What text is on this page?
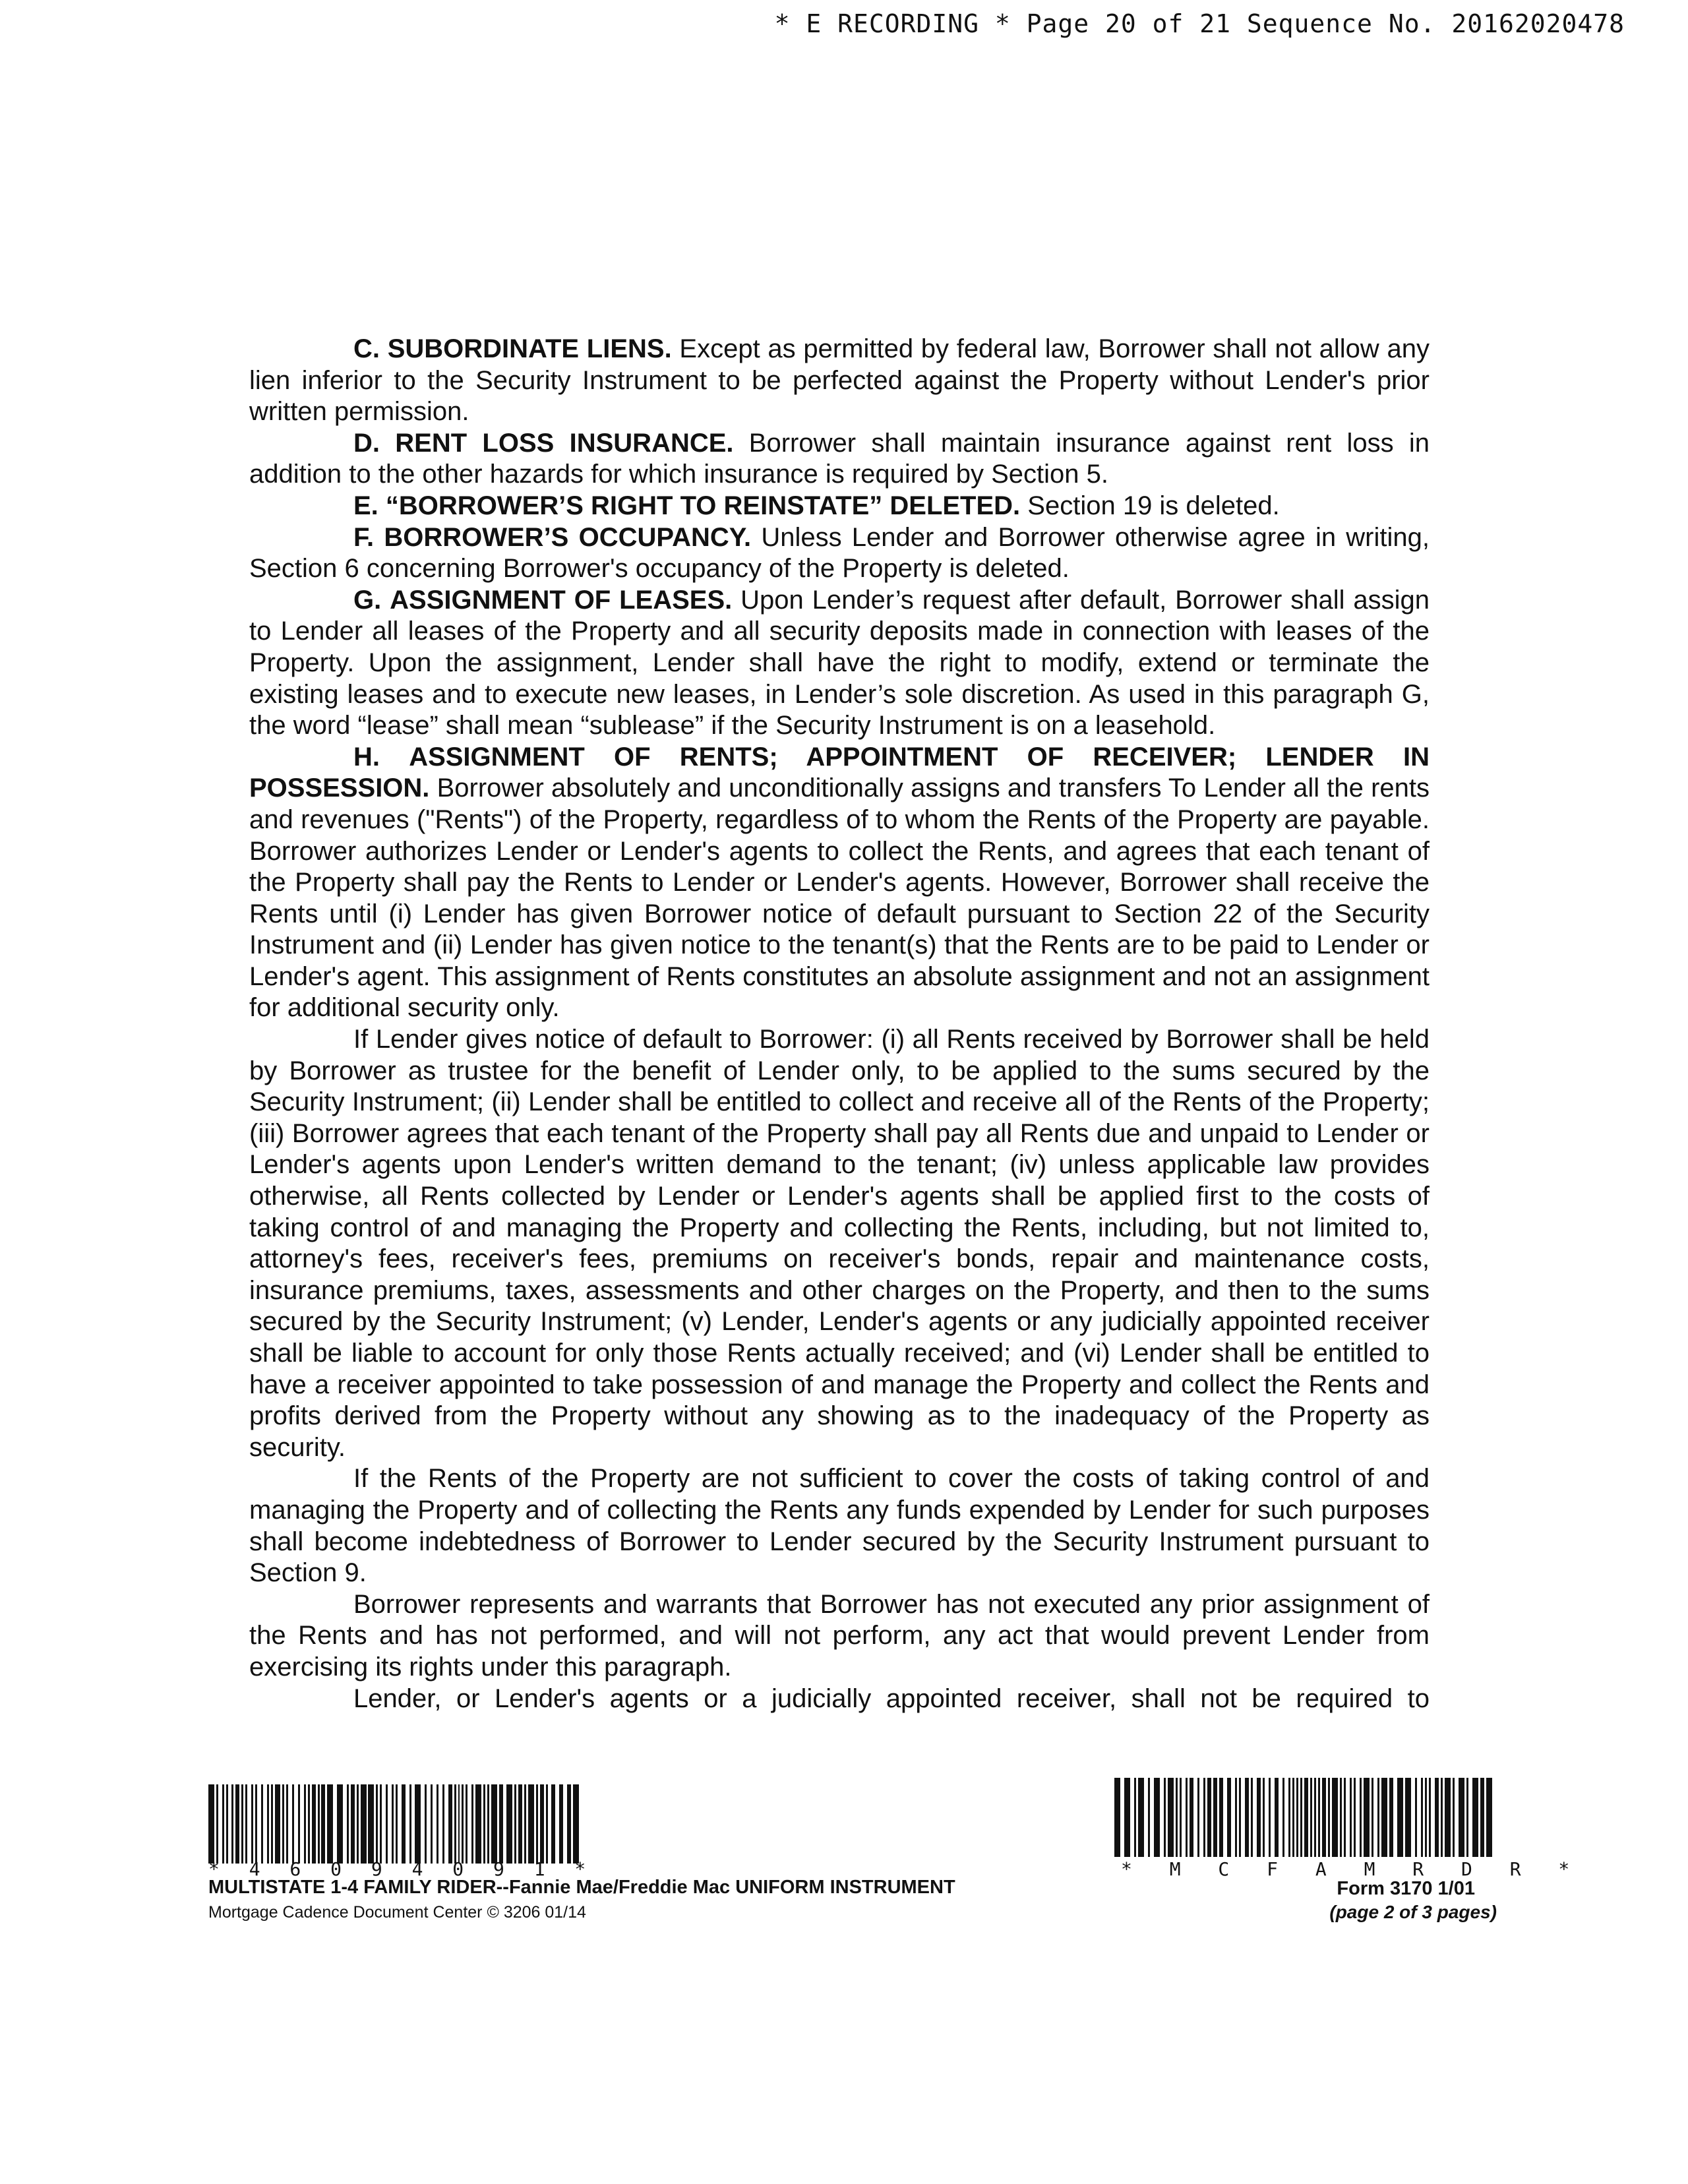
* E RECORDING * Page 20 of 21 Sequence No. 20162020478

C. SUBORDINATE LIENS. Except as permitted by federal law, Borrower shall not allow any lien inferior to the Security Instrument to be perfected against the Property without Lender's prior written permission.

D. RENT LOSS INSURANCE. Borrower shall maintain insurance against rent loss in addition to the other hazards for which insurance is required by Section 5.

E. “BORROWER’S RIGHT TO REINSTATE” DELETED. Section 19 is deleted.

F. BORROWER’S OCCUPANCY. Unless Lender and Borrower otherwise agree in writing, Section 6 concerning Borrower's occupancy of the Property is deleted.

G. ASSIGNMENT OF LEASES. Upon Lender’s request after default, Borrower shall assign to Lender all leases of the Property and all security deposits made in connection with leases of the Property. Upon the assignment, Lender shall have the right to modify, extend or terminate the existing leases and to execute new leases, in Lender’s sole discretion. As used in this paragraph G, the word “lease” shall mean “sublease” if the Security Instrument is on a leasehold.

H. ASSIGNMENT OF RENTS; APPOINTMENT OF RECEIVER; LENDER IN

POSSESSION. Borrower absolutely and unconditionally assigns and transfers To Lender all the rents and revenues ("Rents") of the Property, regardless of to whom the Rents of the Property are payable. Borrower authorizes Lender or Lender's agents to collect the Rents, and agrees that each tenant of the Property shall pay the Rents to Lender or Lender's agents. However, Borrower shall receive the Rents until (i) Lender has given Borrower notice of default pursuant to Section 22 of the Security Instrument and (ii) Lender has given notice to the tenant(s) that the Rents are to be paid to Lender or Lender's agent. This assignment of Rents constitutes an absolute assignment and not an assignment for additional security only.

If Lender gives notice of default to Borrower: (i) all Rents received by Borrower shall be held by Borrower as trustee for the benefit of Lender only, to be applied to the sums secured by the Security Instrument; (ii) Lender shall be entitled to collect and receive all of the Rents of the Property; (iii) Borrower agrees that each tenant of the Property shall pay all Rents due and unpaid to Lender or Lender's agents upon Lender's written demand to the tenant; (iv) unless applicable law provides otherwise, all Rents collected by Lender or Lender's agents shall be applied first to the costs of taking control of and managing the Property and collecting the Rents, including, but not limited to, attorney's fees, receiver's fees, premiums on receiver's bonds, repair and maintenance costs, insurance premiums, taxes, assessments and other charges on the Property, and then to the sums secured by the Security Instrument; (v) Lender, Lender's agents or any judicially appointed receiver shall be liable to account for only those Rents actually received; and (vi) Lender shall be entitled to have a receiver appointed to take possession of and manage the Property and collect the Rents and profits derived from the Property without any showing as to the inadequacy of the Property as security.

If the Rents of the Property are not sufficient to cover the costs of taking control of and managing the Property and of collecting the Rents any funds expended by Lender for such purposes shall become indebtedness of Borrower to Lender secured by the Security Instrument pursuant to Section 9.

Borrower represents and warrants that Borrower has not executed any prior assignment of the Rents and has not performed, and will not perform, any act that would prevent Lender from exercising its rights under this paragraph.

Lender, or Lender's agents or a judicially appointed receiver, shall not be required to

* 4 6 0 9 4 0 9 1 *
MULTISTATE 1-4 FAMILY RIDER--Fannie Mae/Freddie Mac UNIFORM INSTRUMENT
Mortgage Cadence Document Center © 3206 01/14
* M C F A M R D R *
Form 3170 1/01
(page 2 of 3 pages)
